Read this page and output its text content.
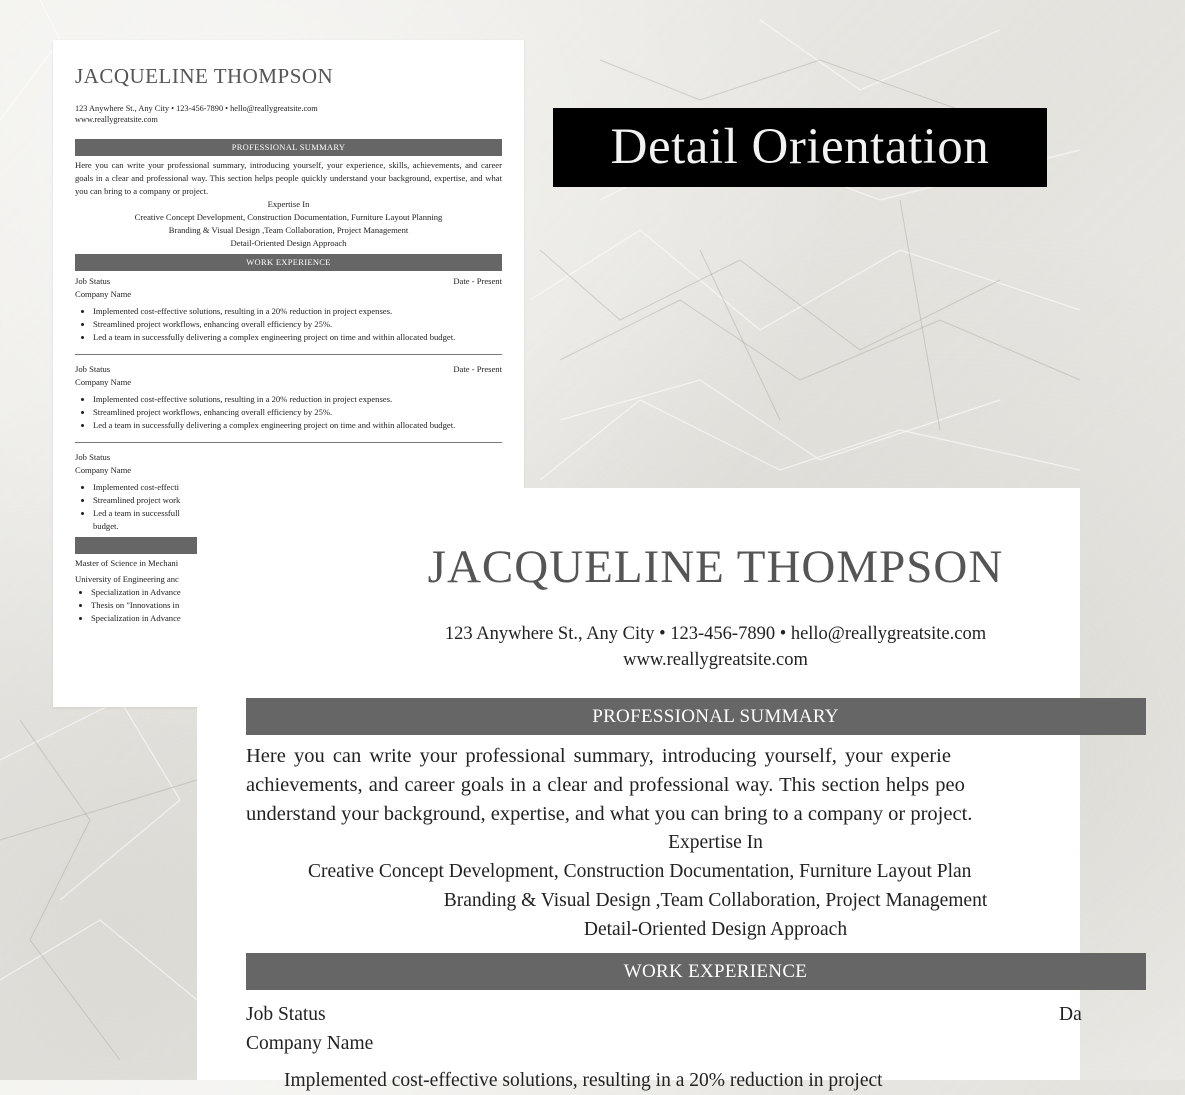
JACQUELINE THOMPSON
123 Anywhere St., Any City • 123-456-7890 • hello@reallygreatsite.com
www.reallygreatsite.com
PROFESSIONAL SUMMARY
Here you can write your professional summary, introducing yourself, your experience, skills, achievements, and career goals in a clear and professional way. This section helps people quickly understand your background, expertise, and what you can bring to a company or project.
Expertise In
Creative Concept Development, Construction Documentation, Furniture Layout Planning
Branding & Visual Design ,Team Collaboration, Project Management
Detail-Oriented Design Approach
WORK EXPERIENCE
Job Status	Date - Present
Company Name
• Implemented cost-effective solutions, resulting in a 20% reduction in project expenses.
• Streamlined project workflows, enhancing overall efficiency by 25%.
• Led a team in successfully delivering a complex engineering project on time and within allocated budget.
Job Status	Date - Present
Company Name
• Implemented cost-effective solutions, resulting in a 20% reduction in project expenses.
• Streamlined project workflows, enhancing overall efficiency by 25%.
• Led a team in successfully delivering a complex engineering project on time and within allocated budget.
Job Status
Company Name
• Implemented cost-effecti
• Streamlined project work
• Led a team in successfull
budget.
Master of Science in Mechani
University of Engineering anc
• Specialization in Advance
• Thesis on "Innovations in
• Specialization in Advance
Detail Orientation
JACQUELINE THOMPSON
123 Anywhere St., Any City • 123-456-7890 • hello@reallygreatsite.com
www.reallygreatsite.com
PROFESSIONAL SUMMARY
Here you can write your professional summary, introducing yourself, your experie
achievements, and career goals in a clear and professional way. This section helps peo
understand your background, expertise, and what you can bring to a company or project.
Expertise In
Creative Concept Development, Construction Documentation, Furniture Layout Plan
Branding & Visual Design ,Team Collaboration, Project Management
Detail-Oriented Design Approach
WORK EXPERIENCE
Job Status	Da
Company Name
Implemented cost-effective solutions, resulting in a 20% reduction in project
